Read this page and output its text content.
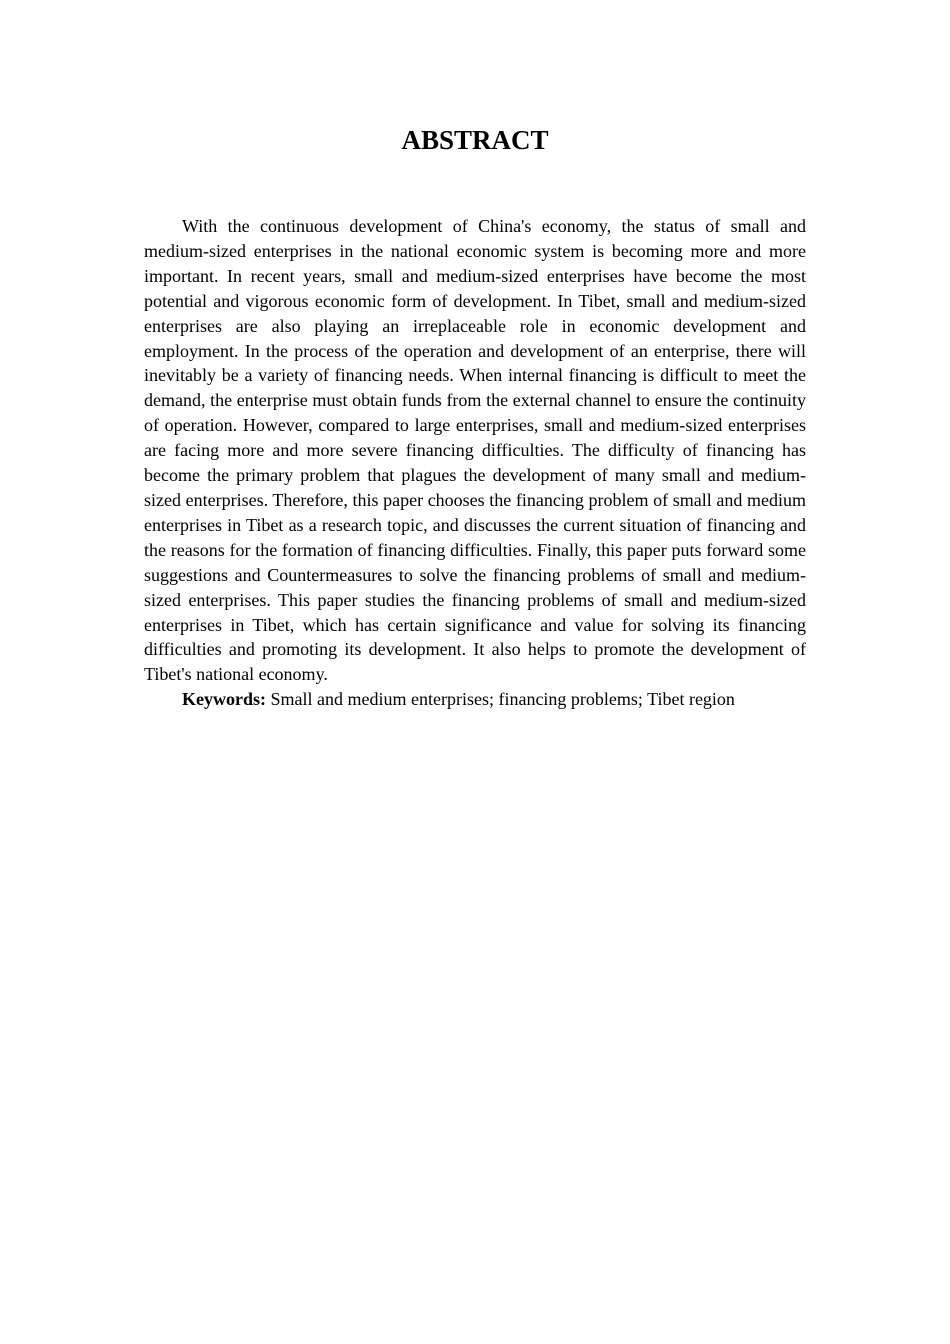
ABSTRACT

With the continuous development of China's economy, the status of small and medium-sized enterprises in the national economic system is becoming more and more important. In recent years, small and medium-sized enterprises have become the most potential and vigorous economic form of development. In Tibet, small and medium-sized enterprises are also playing an irreplaceable role in economic development and employment. In the process of the operation and development of an enterprise, there will inevitably be a variety of financing needs. When internal financing is difficult to meet the demand, the enterprise must obtain funds from the external channel to ensure the continuity of operation. However, compared to large enterprises, small and medium-sized enterprises are facing more and more severe financing difficulties. The difficulty of financing has become the primary problem that plagues the development of many small and medium-sized enterprises. Therefore, this paper chooses the financing problem of small and medium enterprises in Tibet as a research topic, and discusses the current situation of financing and the reasons for the formation of financing difficulties. Finally, this paper puts forward some suggestions and Countermeasures to solve the financing problems of small and medium-sized enterprises. This paper studies the financing problems of small and medium-sized enterprises in Tibet, which has certain significance and value for solving its financing difficulties and promoting its development. It also helps to promote the development of Tibet's national economy.

Keywords: Small and medium enterprises; financing problems; Tibet region
